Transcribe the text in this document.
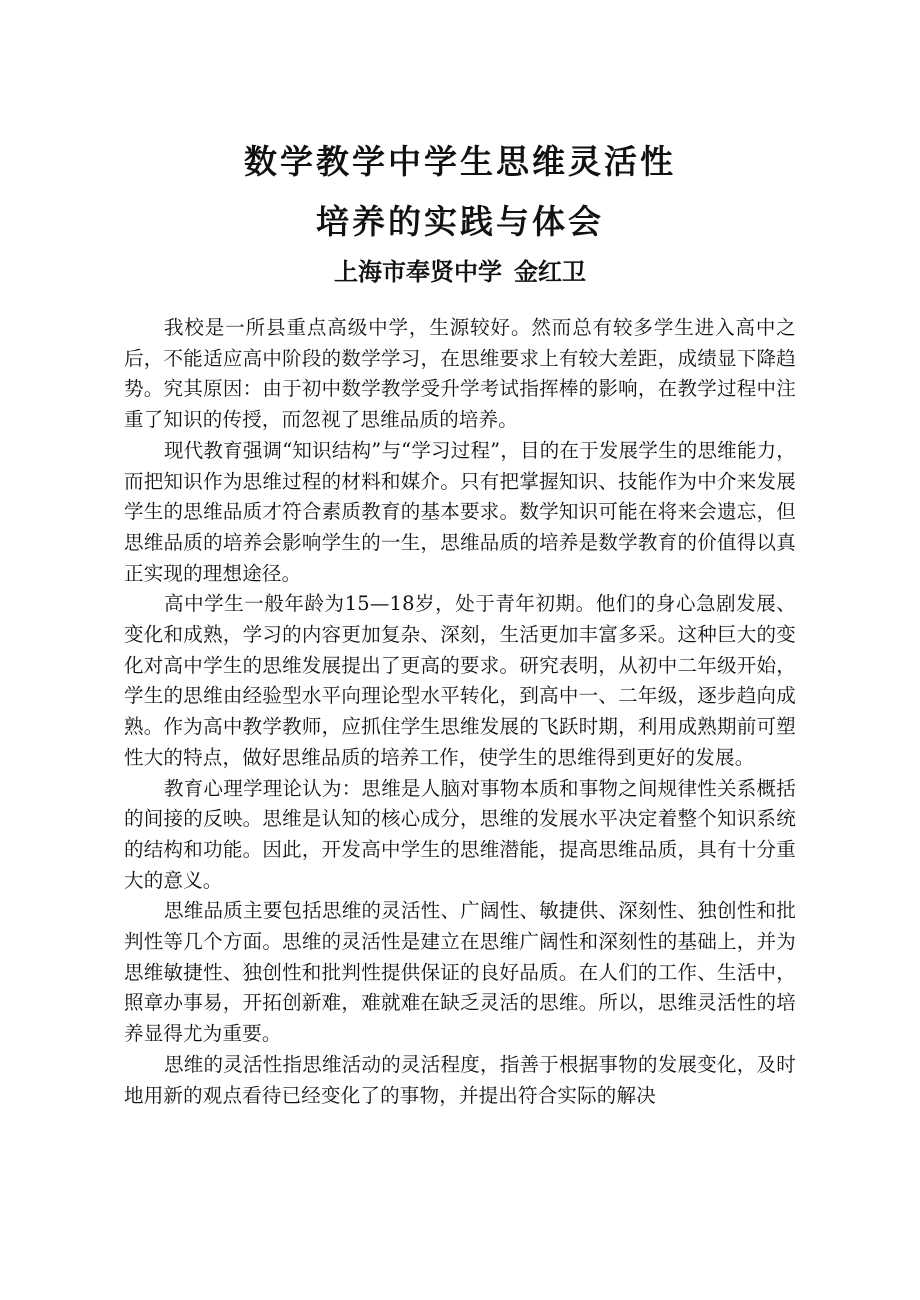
数学教学中学生思维灵活性
培养的实践与体会
上海市奉贤中学 金红卫

我校是一所县重点高级中学，生源较好。然而总有较多学生进入高中之后，不能适应高中阶段的数学学习，在思维要求上有较大差距，成绩显下降趋势。究其原因：由于初中数学教学受升学考试指挥棒的影响，在教学过程中注重了知识的传授，而忽视了思维品质的培养。

现代教育强调“知识结构”与“学习过程”，目的在于发展学生的思维能力，而把知识作为思维过程的材料和媒介。只有把掌握知识、技能作为中介来发展学生的思维品质才符合素质教育的基本要求。数学知识可能在将来会遗忘，但思维品质的培养会影响学生的一生，思维品质的培养是数学教育的价值得以真正实现的理想途径。

高中学生一般年龄为15—18岁，处于青年初期。他们的身心急剧发展、变化和成熟，学习的内容更加复杂、深刻，生活更加丰富多采。这种巨大的变化对高中学生的思维发展提出了更高的要求。研究表明，从初中二年级开始，学生的思维由经验型水平向理论型水平转化，到高中一、二年级，逐步趋向成熟。作为高中教学教师，应抓住学生思维发展的飞跃时期，利用成熟期前可塑性大的特点，做好思维品质的培养工作，使学生的思维得到更好的发展。

教育心理学理论认为：思维是人脑对事物本质和事物之间规律性关系概括的间接的反映。思维是认知的核心成分，思维的发展水平决定着整个知识系统的结构和功能。因此，开发高中学生的思维潜能，提高思维品质，具有十分重大的意义。

思维品质主要包括思维的灵活性、广阔性、敏捷供、深刻性、独创性和批判性等几个方面。思维的灵活性是建立在思维广阔性和深刻性的基础上，并为思维敏捷性、独创性和批判性提供保证的良好品质。在人们的工作、生活中，照章办事易，开拓创新难，难就难在缺乏灵活的思维。所以，思维灵活性的培养显得尤为重要。

思维的灵活性指思维活动的灵活程度，指善于根据事物的发展变化，及时地用新的观点看待已经变化了的事物，并提出符合实际的解决
